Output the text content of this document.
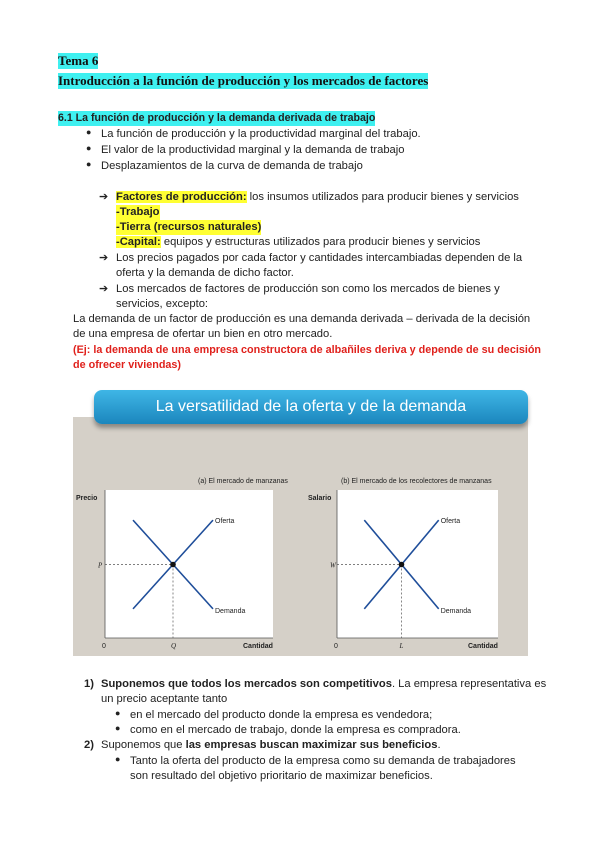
Tema 6
Introducción a la función de producción y los mercados de factores
6.1 La función de producción y la demanda derivada de trabajo
● La función de producción y la productividad marginal del trabajo.
● El valor de la productividad marginal y la demanda de trabajo
● Desplazamientos de la curva de demanda de trabajo
➔ Factores de producción: los insumos utilizados para producir bienes y servicios
-Trabajo
-Tierra (recursos naturales)
-Capital: equipos y estructuras utilizados para producir bienes y servicios
➔ Los precios pagados por cada factor y cantidades intercambiadas dependen de la
oferta y la demanda de dicho factor.
➔ Los mercados de factores de producción son como los mercados de bienes y
servicios, excepto:
La demanda de un factor de producción es una demanda derivada – derivada de la decisión
de una empresa de ofertar un bien en otro mercado.
(Ej: la demanda de una empresa constructora de albañiles deriva y depende de su decisión
de ofrecer viviendas)
La versatilidad de la oferta y de la demanda
(a) El mercado de manzanas
Precio
0	Cantidad
Oferta
Demanda
P
Q
(b) El mercado de los recolectores de manzanas
Salario
0	Cantidad
Oferta
Demanda
W
L
1) Suponemos que todos los mercados son competitivos. La empresa representativa es
un precio aceptante tanto
● en el mercado del producto donde la empresa es vendedora;
● como en el mercado de trabajo, donde la empresa es compradora.
2) Suponemos que las empresas buscan maximizar sus beneficios.
● Tanto la oferta del producto de la empresa como su demanda de trabajadores
son resultado del objetivo prioritario de maximizar beneficios.
